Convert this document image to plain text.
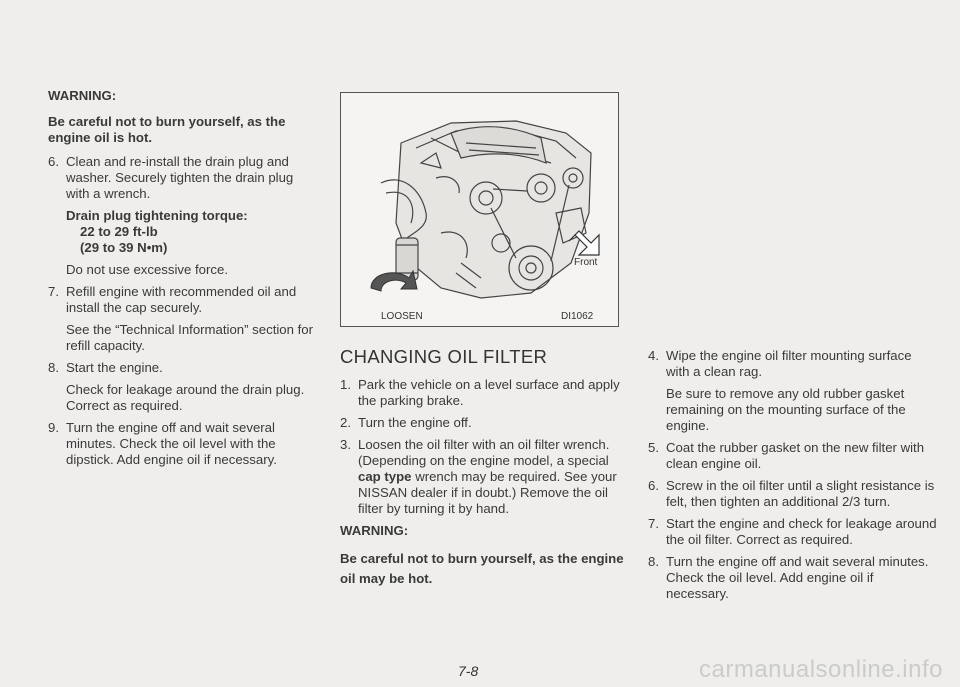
WARNING:
Be careful not to burn yourself, as the engine oil is hot.
6. Clean and re-install the drain plug and washer. Securely tighten the drain plug with a wrench.
Drain plug tightening torque:
22 to 29 ft-lb
(29 to 39 N•m)
Do not use excessive force.
7. Refill engine with recommended oil and install the cap securely.
See the “Technical Information” section for refill capacity.
8. Start the engine.
Check for leakage around the drain plug. Correct as required.
9. Turn the engine off and wait several minutes. Check the oil level with the dipstick. Add engine oil if necessary.
Front
LOOSEN	DI1062
CHANGING OIL FILTER
1. Park the vehicle on a level surface and apply the parking brake.
2. Turn the engine off.
3. Loosen the oil filter with an oil filter wrench. (Depending on the engine model, a special cap type wrench may be required. See your NISSAN dealer if in doubt.) Remove the oil filter by turning it by hand.
WARNING:
Be careful not to burn yourself, as the engine oil may be hot.
4. Wipe the engine oil filter mounting surface with a clean rag.
Be sure to remove any old rubber gasket remaining on the mounting surface of the engine.
5. Coat the rubber gasket on the new filter with clean engine oil.
6. Screw in the oil filter until a slight resistance is felt, then tighten an additional 2/3 turn.
7. Start the engine and check for leakage around the oil filter. Correct as required.
8. Turn the engine off and wait several minutes. Check the oil level. Add engine oil if necessary.
7-8	carmanualsonline.info
